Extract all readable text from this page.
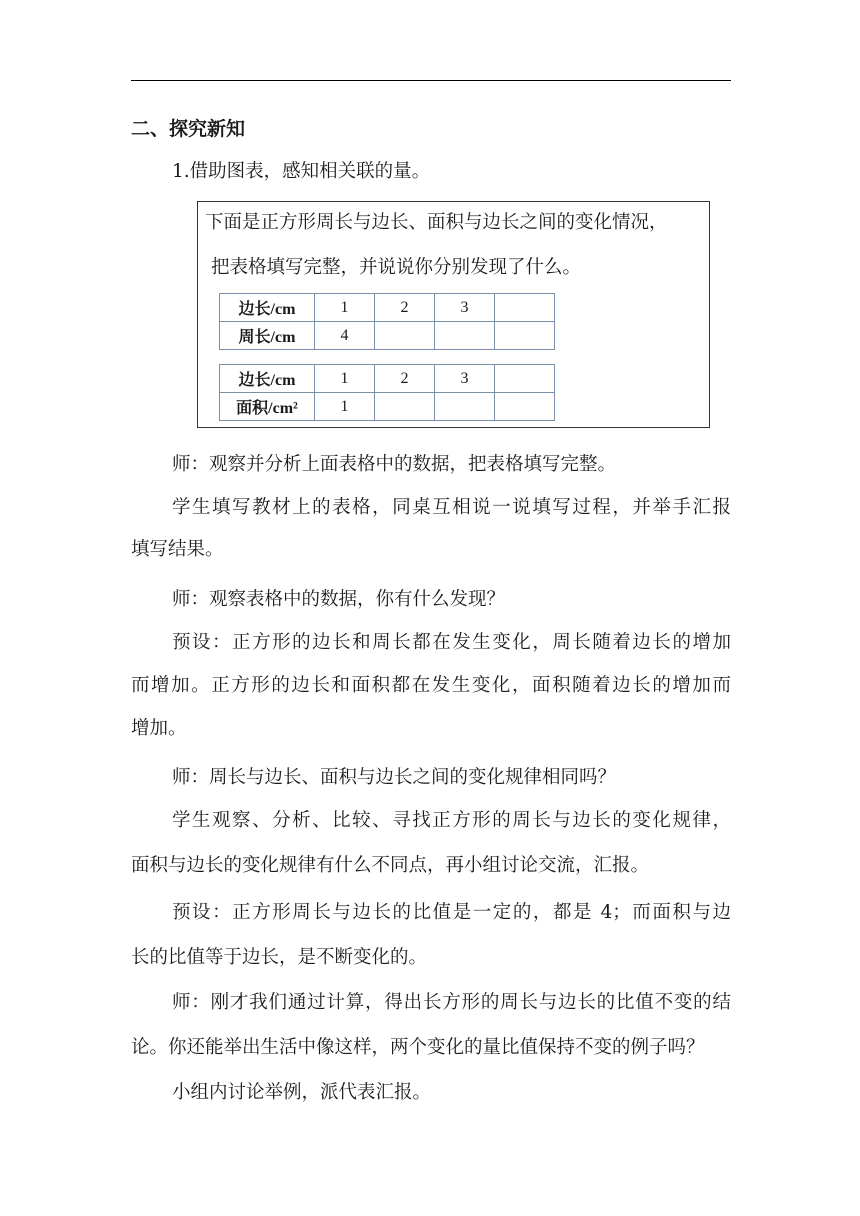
二、探究新知
1.借助图表，感知相关联的量。
下面是正方形周长与边长、面积与边长之间的变化情况，
把表格填写完整，并说说你分别发现了什么。
边长/cm	1	2	3	
周长/cm	4			
边长/cm	1	2	3	
面积/cm²	1			
师：观察并分析上面表格中的数据，把表格填写完整。
学生填写教材上的表格，同桌互相说一说填写过程，并举手汇报
填写结果。
师：观察表格中的数据，你有什么发现？
预设：正方形的边长和周长都在发生变化，周长随着边长的增加
而增加。正方形的边长和面积都在发生变化，面积随着边长的增加而
增加。
师：周长与边长、面积与边长之间的变化规律相同吗？
学生观察、分析、比较、寻找正方形的周长与边长的变化规律，
面积与边长的变化规律有什么不同点，再小组讨论交流，汇报。
预设：正方形周长与边长的比值是一定的，都是 4；而面积与边
长的比值等于边长，是不断变化的。
师：刚才我们通过计算，得出长方形的周长与边长的比值不变的结
论。你还能举出生活中像这样，两个变化的量比值保持不变的例子吗？
小组内讨论举例，派代表汇报。
